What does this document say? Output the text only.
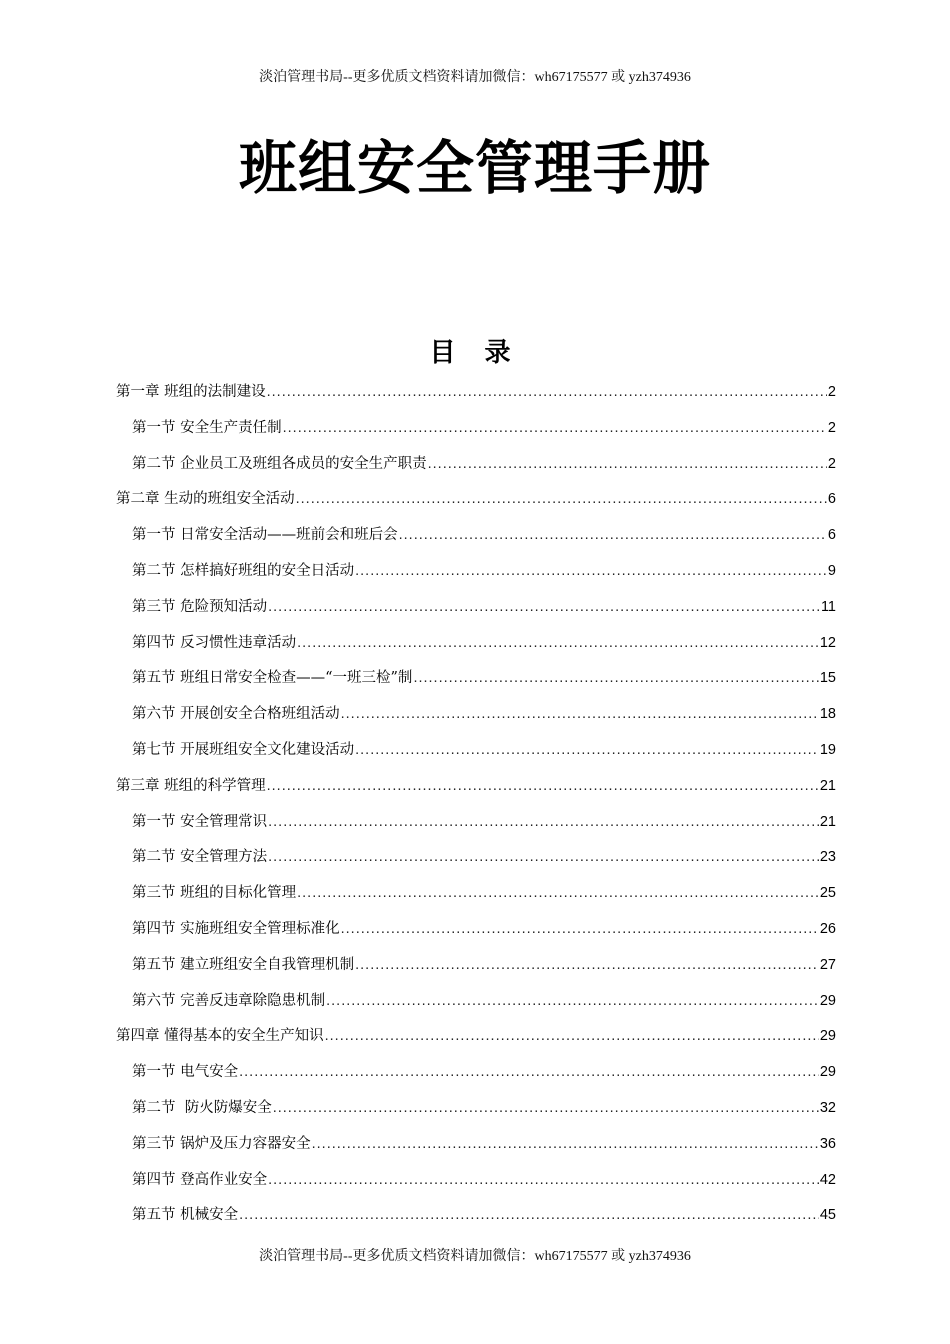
淡泊管理书局--更多优质文档资料请加微信：wh67175577 或 yzh374936
班组安全管理手册
目 录
第一章 班组的法制建设 .....	2
第一节 安全生产责任制 .....	2
第二节 企业员工及班组各成员的安全生产职责 .....	2
第二章 生动的班组安全活动 .....	6
第一节 日常安全活动——班前会和班后会 .....	6
第二节 怎样搞好班组的安全日活动 .....	9
第三节 危险预知活动 .....	11
第四节 反习惯性违章活动 .....	12
第五节 班组日常安全检查——“一班三检”制 .....	15
第六节 开展创安全合格班组活动 .....	18
第七节 开展班组安全文化建设活动 .....	19
第三章 班组的科学管理 .....	21
第一节 安全管理常识 .....	21
第二节 安全管理方法 .....	23
第三节 班组的目标化管理 .....	25
第四节 实施班组安全管理标准化 .....	26
第五节 建立班组安全自我管理机制 .....	27
第六节 完善反违章除隐患机制 .....	29
第四章 懂得基本的安全生产知识 .....	29
第一节 电气安全 .....	29
第二节  防火防爆安全 .....	32
第三节 锅炉及压力容器安全 .....	36
第四节 登高作业安全 .....	42
第五节 机械安全 .....	45
淡泊管理书局--更多优质文档资料请加微信：wh67175577 或 yzh374936
